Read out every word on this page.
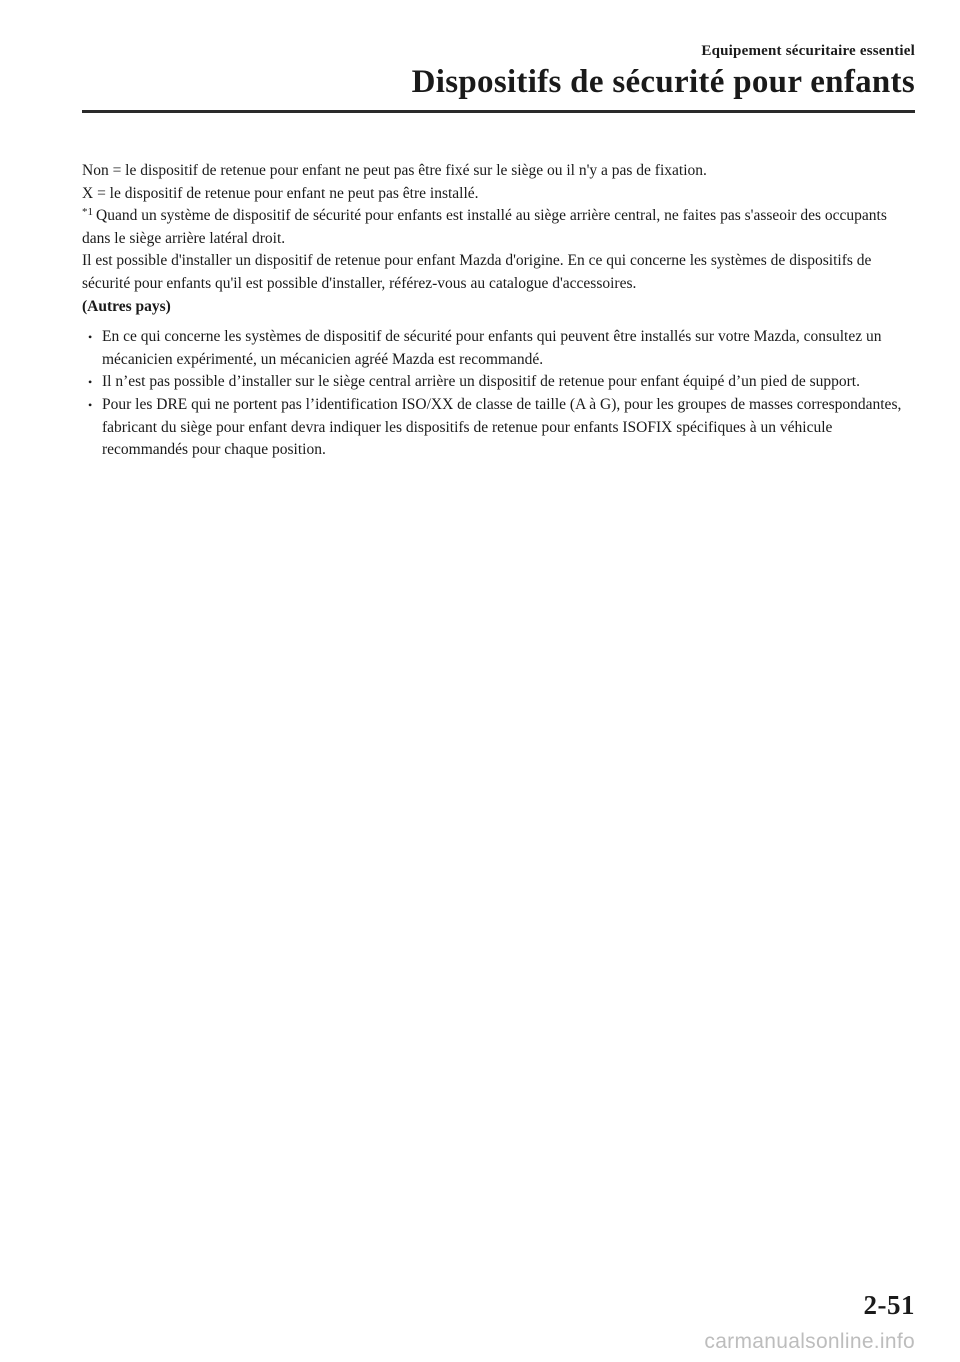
Equipement sécuritaire essentiel
Dispositifs de sécurité pour enfants

Non = le dispositif de retenue pour enfant ne peut pas être fixé sur le siège ou il n'y a pas de fixation.

X = le dispositif de retenue pour enfant ne peut pas être installé.

$^{*1}$ Quand un système de dispositif de sécurité pour enfants est installé au siège arrière central, ne faites pas s'asseoir des occupants dans le siège arrière latéral droit.

Il est possible d'installer un dispositif de retenue pour enfant Mazda d'origine. En ce qui concerne les systèmes de dispositifs de sécurité pour enfants qu'il est possible d'installer, référez-vous au catalogue d'accessoires.

(Autres pays)

• En ce qui concerne les systèmes de dispositif de sécurité pour enfants qui peuvent être installés sur votre Mazda, consultez un mécanicien expérimenté, un mécanicien agréé Mazda est recommandé.
• Il n’est pas possible d’installer sur le siège central arrière un dispositif de retenue pour enfant équipé d’un pied de support.
• Pour les DRE qui ne portent pas l’identification ISO/XX de classe de taille (A à G), pour les groupes de masses correspondantes, fabricant du siège pour enfant devra indiquer les dispositifs de retenue pour enfants ISOFIX spécifiques à un véhicule recommandés pour chaque position.
2-51
carmanualsonline.info
